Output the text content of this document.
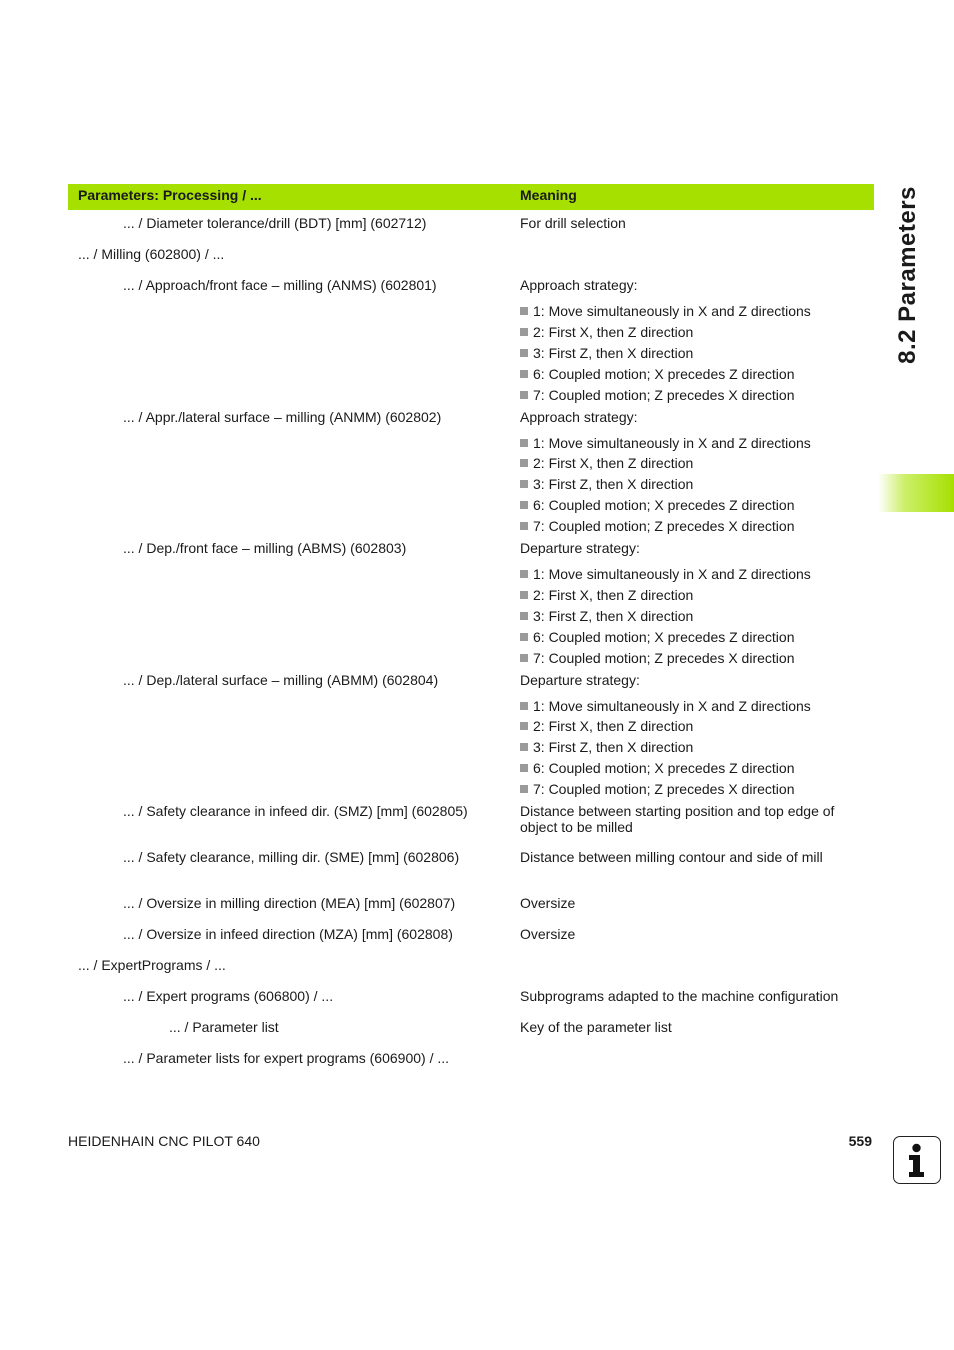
Parameters: Processing / ...	Meaning
... / Diameter tolerance/drill (BDT) [mm] (602712)	For drill selection
... / Milling (602800) / ...
... / Approach/front face – milling (ANMS) (602801)	Approach strategy:
1: Move simultaneously in X and Z directions
2: First X, then Z direction
3: First Z, then X direction
6: Coupled motion; X precedes Z direction
7: Coupled motion; Z precedes X direction
... / Appr./lateral surface – milling (ANMM) (602802)	Approach strategy:
1: Move simultaneously in X and Z directions
2: First X, then Z direction
3: First Z, then X direction
6: Coupled motion; X precedes Z direction
7: Coupled motion; Z precedes X direction
... / Dep./front face – milling (ABMS) (602803)	Departure strategy:
1: Move simultaneously in X and Z directions
2: First X, then Z direction
3: First Z, then X direction
6: Coupled motion; X precedes Z direction
7: Coupled motion; Z precedes X direction
... / Dep./lateral surface – milling (ABMM) (602804)	Departure strategy:
1: Move simultaneously in X and Z directions
2: First X, then Z direction
3: First Z, then X direction
6: Coupled motion; X precedes Z direction
7: Coupled motion; Z precedes X direction
... / Safety clearance in infeed dir. (SMZ) [mm] (602805)	Distance between starting position and top edge of object to be milled
... / Safety clearance, milling dir. (SME) [mm] (602806)	Distance between milling contour and side of mill
... / Oversize in milling direction (MEA) [mm] (602807)	Oversize
... / Oversize in infeed direction (MZA) [mm] (602808)	Oversize
... / ExpertPrograms / ...
... / Expert programs (606800) / ...	Subprograms adapted to the machine configuration
... / Parameter list	Key of the parameter list
... / Parameter lists for expert programs (606900) / ...
8.2 Parameters
HEIDENHAIN CNC PILOT 640	559
